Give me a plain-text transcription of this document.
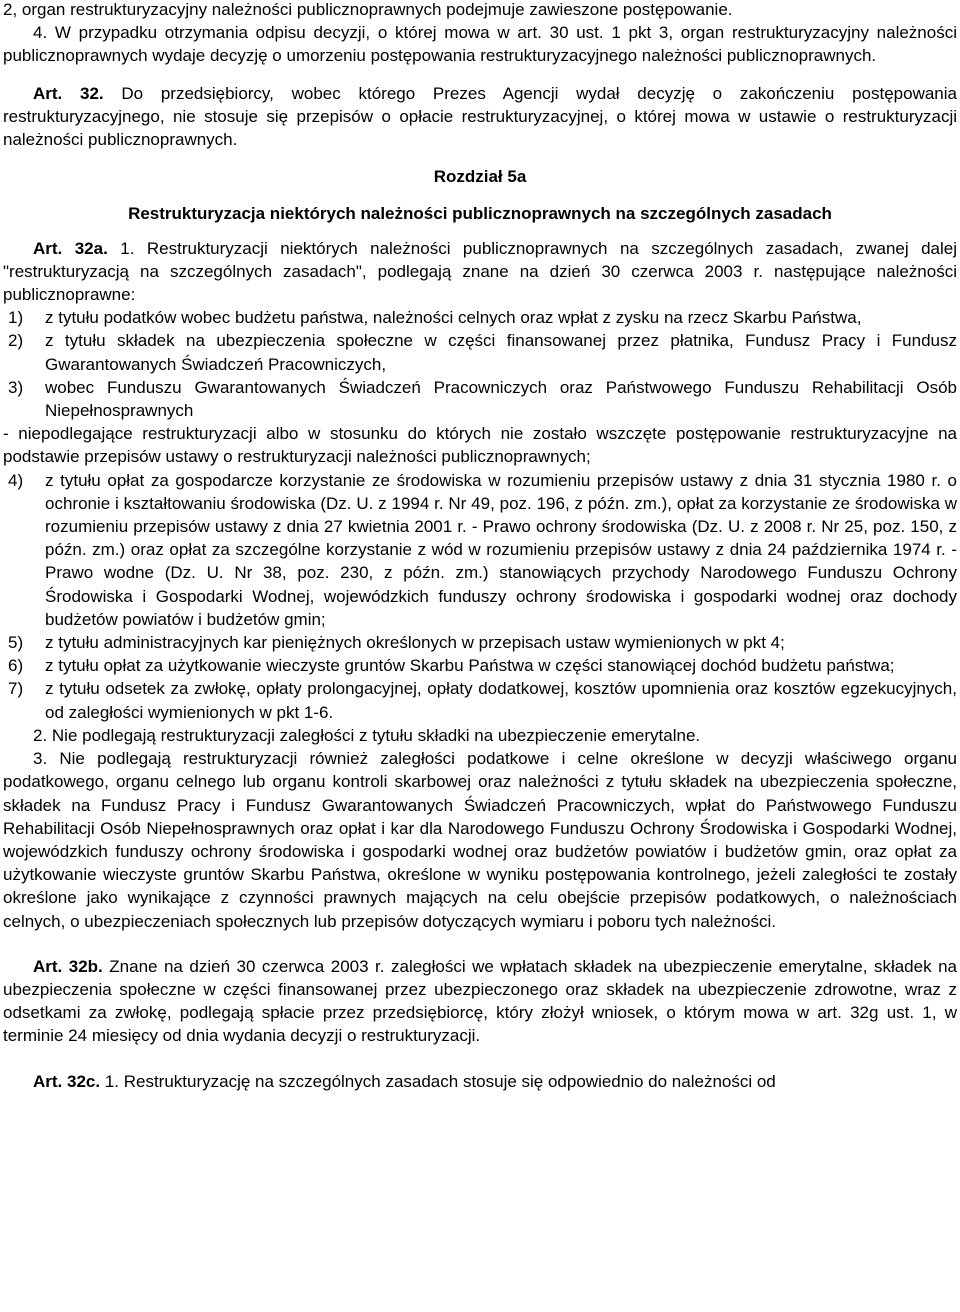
2, organ restrukturyzacyjny należności publicznoprawnych podejmuje zawieszone postępowanie.

4. W przypadku otrzymania odpisu decyzji, o której mowa w art. 30 ust. 1 pkt 3, organ restrukturyzacyjny należności publicznoprawnych wydaje decyzję o umorzeniu postępowania restrukturyzacyjnego należności publicznoprawnych.

Art. 32. Do przedsiębiorcy, wobec którego Prezes Agencji wydał decyzję o zakończeniu postępowania restrukturyzacyjnego, nie stosuje się przepisów o opłacie restrukturyzacyjnej, o której mowa w ustawie o restrukturyzacji należności publicznoprawnych.

Rozdział 5a

Restrukturyzacja niektórych należności publicznoprawnych na szczególnych zasadach

Art. 32a. 1. Restrukturyzacji niektórych należności publicznoprawnych na szczególnych zasadach, zwanej dalej "restrukturyzacją na szczególnych zasadach", podlegają znane na dzień 30 czerwca 2003 r. następujące należności publicznoprawne:

1)	z tytułu podatków wobec budżetu państwa, należności celnych oraz wpłat z zysku na rzecz Skarbu Państwa,
2)	z tytułu składek na ubezpieczenia społeczne w części finansowanej przez płatnika, Fundusz Pracy i Fundusz Gwarantowanych Świadczeń Pracowniczych,
3)	wobec Funduszu Gwarantowanych Świadczeń Pracowniczych oraz Państwowego Funduszu Rehabilitacji Osób Niepełnosprawnych

- niepodlegające restrukturyzacji albo w stosunku do których nie zostało wszczęte postępowanie restrukturyzacyjne na podstawie przepisów ustawy o restrukturyzacji należności publicznoprawnych;

4)	z tytułu opłat za gospodarcze korzystanie ze środowiska w rozumieniu przepisów ustawy z dnia 31 stycznia 1980 r. o ochronie i kształtowaniu środowiska (Dz. U. z 1994 r. Nr 49, poz. 196, z późn. zm.), opłat za korzystanie ze środowiska w rozumieniu przepisów ustawy z dnia 27 kwietnia 2001 r. - Prawo ochrony środowiska (Dz. U. z 2008 r. Nr 25, poz. 150, z późn. zm.) oraz opłat za szczególne korzystanie z wód w rozumieniu przepisów ustawy z dnia 24 października 1974 r. - Prawo wodne (Dz. U. Nr 38, poz. 230, z późn. zm.) stanowiących przychody Narodowego Funduszu Ochrony Środowiska i Gospodarki Wodnej, wojewódzkich funduszy ochrony środowiska i gospodarki wodnej oraz dochody budżetów powiatów i budżetów gmin;
5)	z tytułu administracyjnych kar pieniężnych określonych w przepisach ustaw wymienionych w pkt 4;
6)	z tytułu opłat za użytkowanie wieczyste gruntów Skarbu Państwa w części stanowiącej dochód budżetu państwa;
7)	z tytułu odsetek za zwłokę, opłaty prolongacyjnej, opłaty dodatkowej, kosztów upomnienia oraz kosztów egzekucyjnych, od zaległości wymienionych w pkt 1-6.

2. Nie podlegają restrukturyzacji zaległości z tytułu składki na ubezpieczenie emerytalne.

3. Nie podlegają restrukturyzacji również zaległości podatkowe i celne określone w decyzji właściwego organu podatkowego, organu celnego lub organu kontroli skarbowej oraz należności z tytułu składek na ubezpieczenia społeczne, składek na Fundusz Pracy i Fundusz Gwarantowanych Świadczeń Pracowniczych, wpłat do Państwowego Funduszu Rehabilitacji Osób Niepełnosprawnych oraz opłat i kar dla Narodowego Funduszu Ochrony Środowiska i Gospodarki Wodnej, wojewódzkich funduszy ochrony środowiska i gospodarki wodnej oraz budżetów powiatów i budżetów gmin, oraz opłat za użytkowanie wieczyste gruntów Skarbu Państwa, określone w wyniku postępowania kontrolnego, jeżeli zaległości te zostały określone jako wynikające z czynności prawnych mających na celu obejście przepisów podatkowych, o należnościach celnych, o ubezpieczeniach społecznych lub przepisów dotyczących wymiaru i poboru tych należności.

Art. 32b. Znane na dzień 30 czerwca 2003 r. zaległości we wpłatach składek na ubezpieczenie emerytalne, składek na ubezpieczenia społeczne w części finansowanej przez ubezpieczonego oraz składek na ubezpieczenie zdrowotne, wraz z odsetkami za zwłokę, podlegają spłacie przez przedsiębiorcę, który złożył wniosek, o którym mowa w art. 32g ust. 1, w terminie 24 miesięcy od dnia wydania decyzji o restrukturyzacji.

Art. 32c. 1. Restrukturyzację na szczególnych zasadach stosuje się odpowiednio do należności od
